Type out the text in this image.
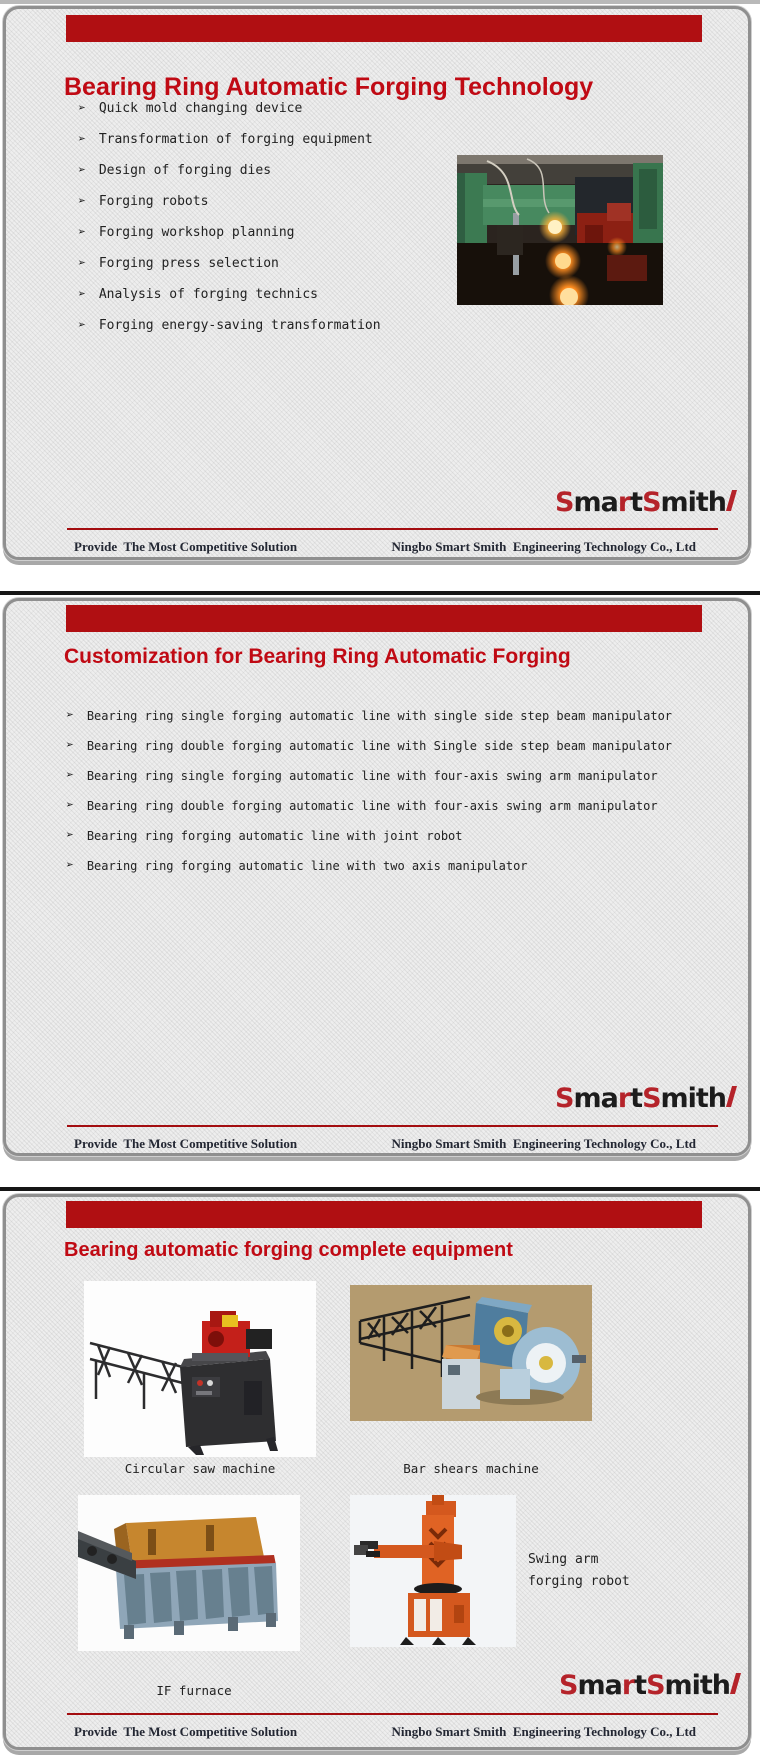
Bearing Ring Automatic Forging Technology
➢ Quick mold changing device
➢ Transformation of forging equipment
➢ Design of forging dies
➢ Forging robots
➢ Forging workshop planning
➢ Forging press selection
➢ Analysis of forging technics
➢ Forging energy-saving transformation
SmartSmith
Provide  The Most Competitive Solution	Ningbo Smart Smith  Engineering Technology Co., Ltd
Customization for Bearing Ring Automatic Forging
➢ Bearing ring single forging automatic line with single side step beam manipulator
➢ Bearing ring double forging automatic line with Single side step beam manipulator
➢ Bearing ring single forging automatic line with four-axis swing arm manipulator
➢ Bearing ring double forging automatic line with four-axis swing arm manipulator
➢ Bearing ring forging automatic line with joint robot
➢ Bearing ring forging automatic line with two axis manipulator
SmartSmith
Provide  The Most Competitive Solution	Ningbo Smart Smith  Engineering Technology Co., Ltd
Bearing automatic forging complete equipment
Circular saw machine	Bar shears machine
Swing arm
forging robot
IF furnace	SmartSmith
Provide  The Most Competitive Solution	Ningbo Smart Smith  Engineering Technology Co., Ltd
